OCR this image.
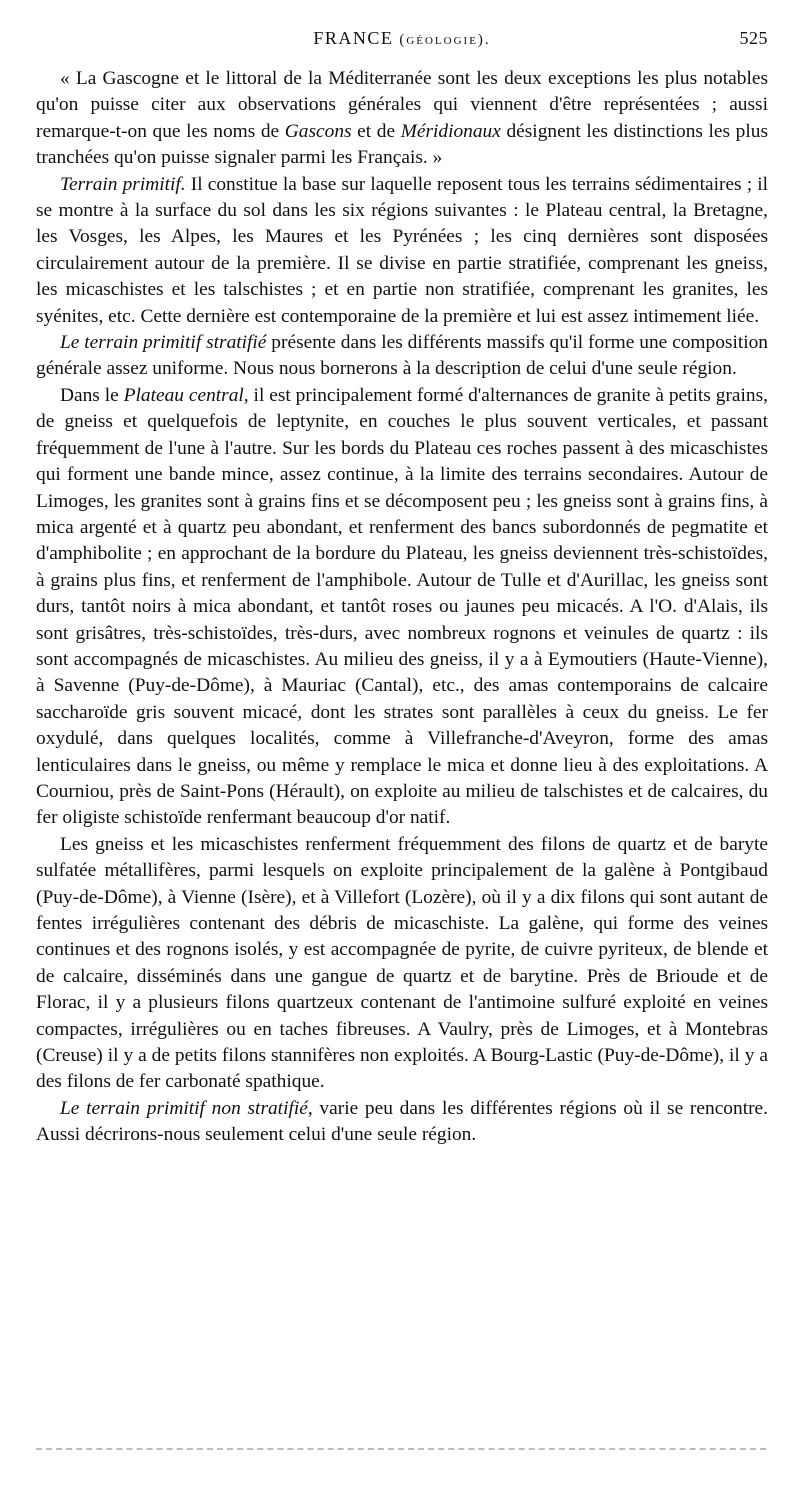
FRANCE (géologie).	525

« La Gascogne et le littoral de la Méditerranée sont les deux exceptions les plus notables qu'on puisse citer aux observations générales qui viennent d'être représentées ; aussi remarque-t-on que les noms de Gascons et de Méridionaux désignent les distinctions les plus tranchées qu'on puisse signaler parmi les Français. »

Terrain primitif. Il constitue la base sur laquelle reposent tous les terrains sédimentaires ; il se montre à la surface du sol dans les six régions suivantes : le Plateau central, la Bretagne, les Vosges, les Alpes, les Maures et les Pyrénées ; les cinq dernières sont disposées circulairement autour de la première. Il se divise en partie stratifiée, comprenant les gneiss, les micaschistes et les talschistes ; et en partie non stratifiée, comprenant les granites, les syénites, etc. Cette dernière est contemporaine de la première et lui est assez intimement liée.

Le terrain primitif stratifié présente dans les différents massifs qu'il forme une composition générale assez uniforme. Nous nous bornerons à la description de celui d'une seule région.

Dans le Plateau central, il est principalement formé d'alternances de granite à petits grains, de gneiss et quelquefois de leptynite, en couches le plus souvent verticales, et passant fréquemment de l'une à l'autre. Sur les bords du Plateau ces roches passent à des micaschistes qui forment une bande mince, assez continue, à la limite des terrains secondaires. Autour de Limoges, les granites sont à grains fins et se décomposent peu ; les gneiss sont à grains fins, à mica argenté et à quartz peu abondant, et renferment des bancs subordonnés de pegmatite et d'amphibolite ; en approchant de la bordure du Plateau, les gneiss deviennent très-schistoïdes, à grains plus fins, et renferment de l'amphibole. Autour de Tulle et d'Aurillac, les gneiss sont durs, tantôt noirs à mica abondant, et tantôt roses ou jaunes peu micacés. A l'O. d'Alais, ils sont grisâtres, très-schistoïdes, très-durs, avec nombreux rognons et veinules de quartz : ils sont accompagnés de micaschistes. Au milieu des gneiss, il y a à Eymoutiers (Haute-Vienne), à Savenne (Puy-de-Dôme), à Mauriac (Cantal), etc., des amas contemporains de calcaire saccharoïde gris souvent micacé, dont les strates sont parallèles à ceux du gneiss. Le fer oxydulé, dans quelques localités, comme à Villefranche-d'Aveyron, forme des amas lenticulaires dans le gneiss, ou même y remplace le mica et donne lieu à des exploitations. A Courniou, près de Saint-Pons (Hérault), on exploite au milieu de talschistes et de calcaires, du fer oligiste schistoïde renfermant beaucoup d'or natif.

Les gneiss et les micaschistes renferment fréquemment des filons de quartz et de baryte sulfatée métallifères, parmi lesquels on exploite principalement de la galène à Pontgibaud (Puy-de-Dôme), à Vienne (Isère), et à Villefort (Lozère), où il y a dix filons qui sont autant de fentes irrégulières contenant des débris de micaschiste. La galène, qui forme des veines continues et des rognons isolés, y est accompagnée de pyrite, de cuivre pyriteux, de blende et de calcaire, disséminés dans une gangue de quartz et de barytine. Près de Brioude et de Florac, il y a plusieurs filons quartzeux contenant de l'antimoine sulfuré exploité en veines compactes, irrégulières ou en taches fibreuses. A Vaulry, près de Limoges, et à Montebras (Creuse) il y a de petits filons stannifères non exploités. A Bourg-Lastic (Puy-de-Dôme), il y a des filons de fer carbonaté spathique.

Le terrain primitif non stratifié, varie peu dans les différentes régions où il se rencontre. Aussi décrirons-nous seulement celui d'une seule région.
